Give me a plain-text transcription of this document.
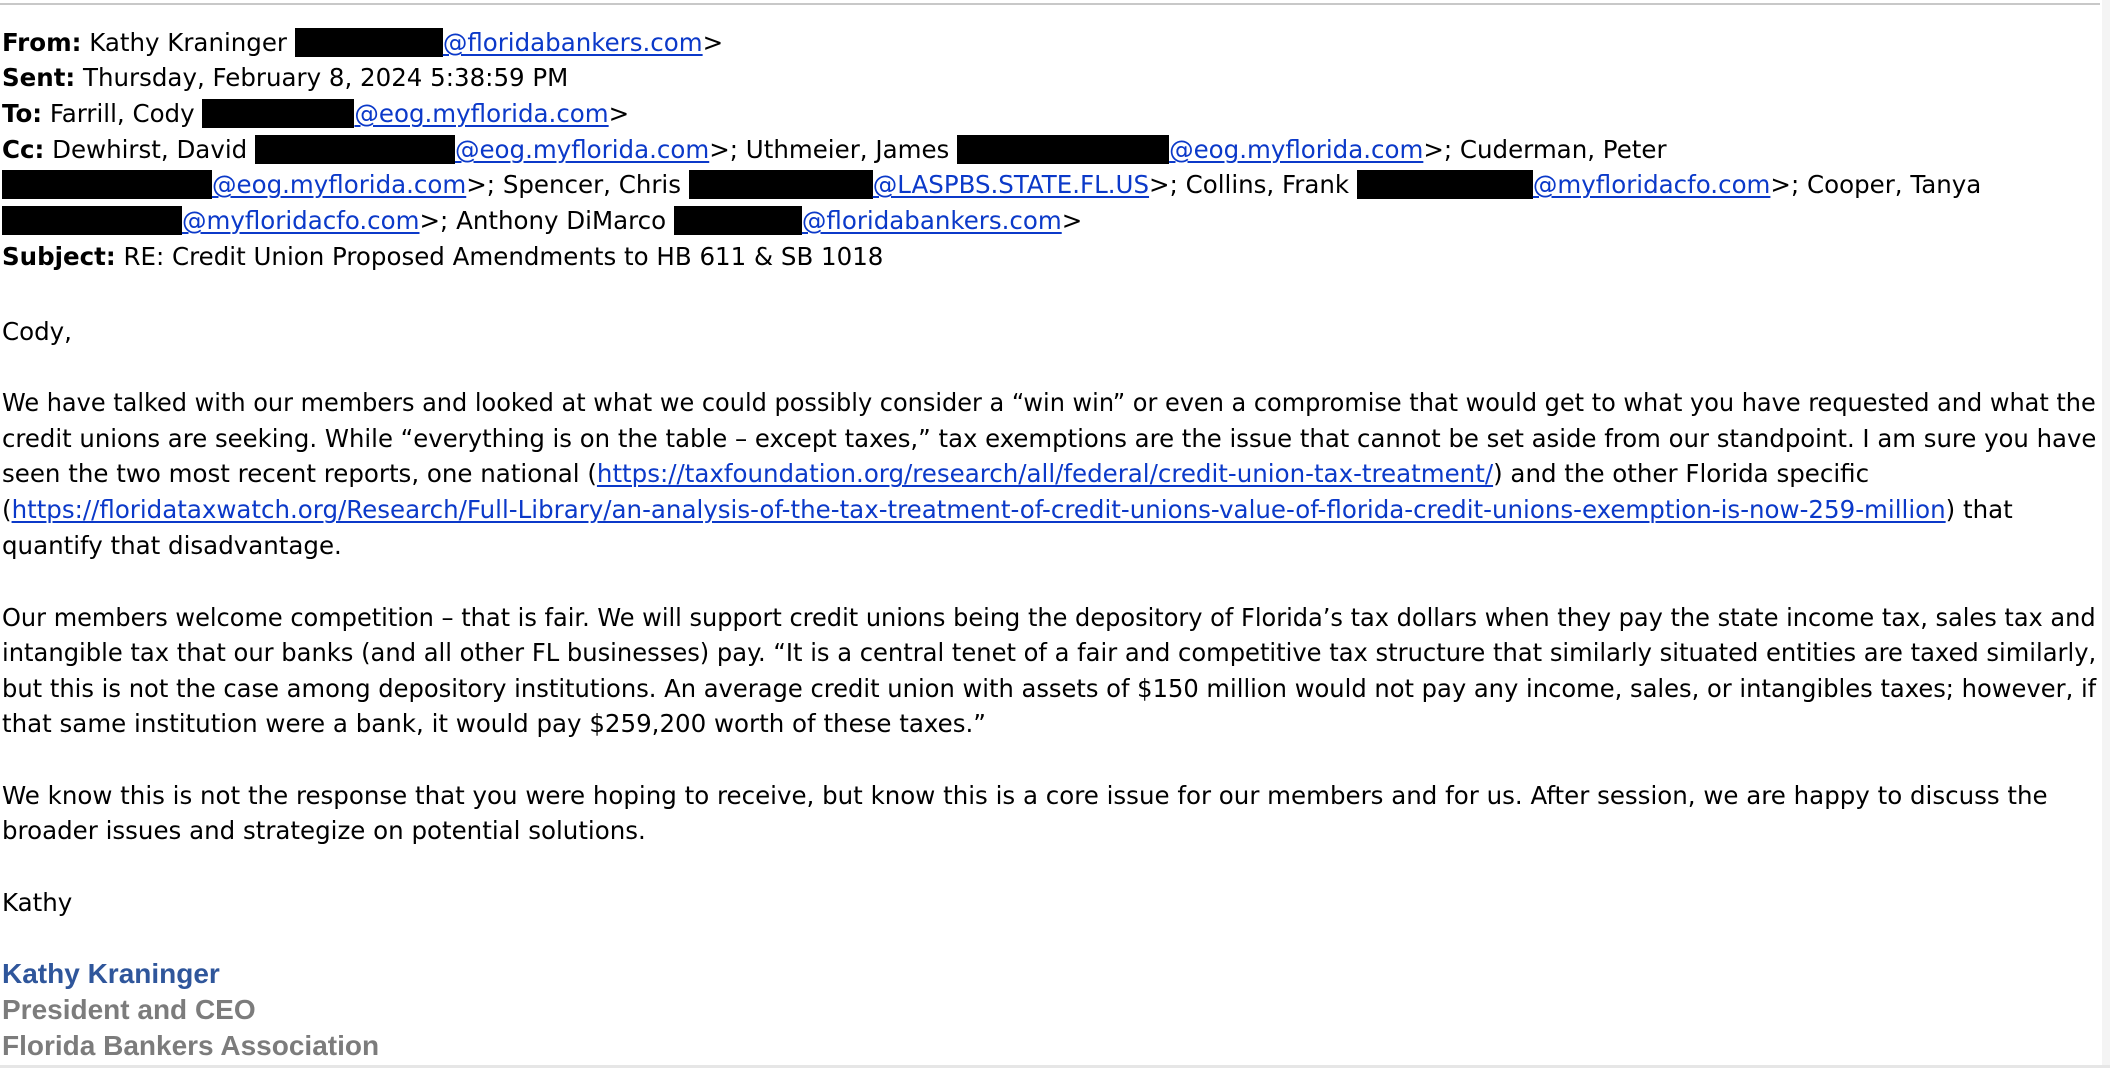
From: Kathy Kraninger	@floridabankers.com>
Sent: Thursday, February 8, 2024 5:38:59 PM
To: Farrill, Cody	@eog.myflorida.com>
Cc: Dewhirst, David	@eog.myflorida.com>; Uthmeier, James	@eog.myflorida.com>; Cuderman, Peter
@eog.myflorida.com>; Spencer, Chris	@LASPBS.STATE.FL.US>; Collins, Frank	@myfloridacfo.com>; Cooper, Tanya
@myfloridacfo.com>; Anthony DiMarco	@floridabankers.com>
Subject: RE: Credit Union Proposed Amendments to HB 611 & SB 1018
Cody,
We have talked with our members and looked at what we could possibly consider a “win win” or even a compromise that would get to what you have requested and what the
credit unions are seeking. While “everything is on the table – except taxes,” tax exemptions are the issue that cannot be set aside from our standpoint. I am sure you have
seen the two most recent reports, one national (https://taxfoundation.org/research/all/federal/credit-union-tax-treatment/) and the other Florida specific
(https://floridataxwatch.org/Research/Full-Library/an-analysis-of-the-tax-treatment-of-credit-unions-value-of-florida-credit-unions-exemption-is-now-259-million) that
quantify that disadvantage.
Our members welcome competition – that is fair. We will support credit unions being the depository of Florida’s tax dollars when they pay the state income tax, sales tax and
intangible tax that our banks (and all other FL businesses) pay. “It is a central tenet of a fair and competitive tax structure that similarly situated entities are taxed similarly,
but this is not the case among depository institutions. An average credit union with assets of $150 million would not pay any income, sales, or intangibles taxes; however, if
that same institution were a bank, it would pay $259,200 worth of these taxes.”
We know this is not the response that you were hoping to receive, but know this is a core issue for our members and for us. After session, we are happy to discuss the
broader issues and strategize on potential solutions.
Kathy
Kathy Kraninger
President and CEO
Florida Bankers Association
